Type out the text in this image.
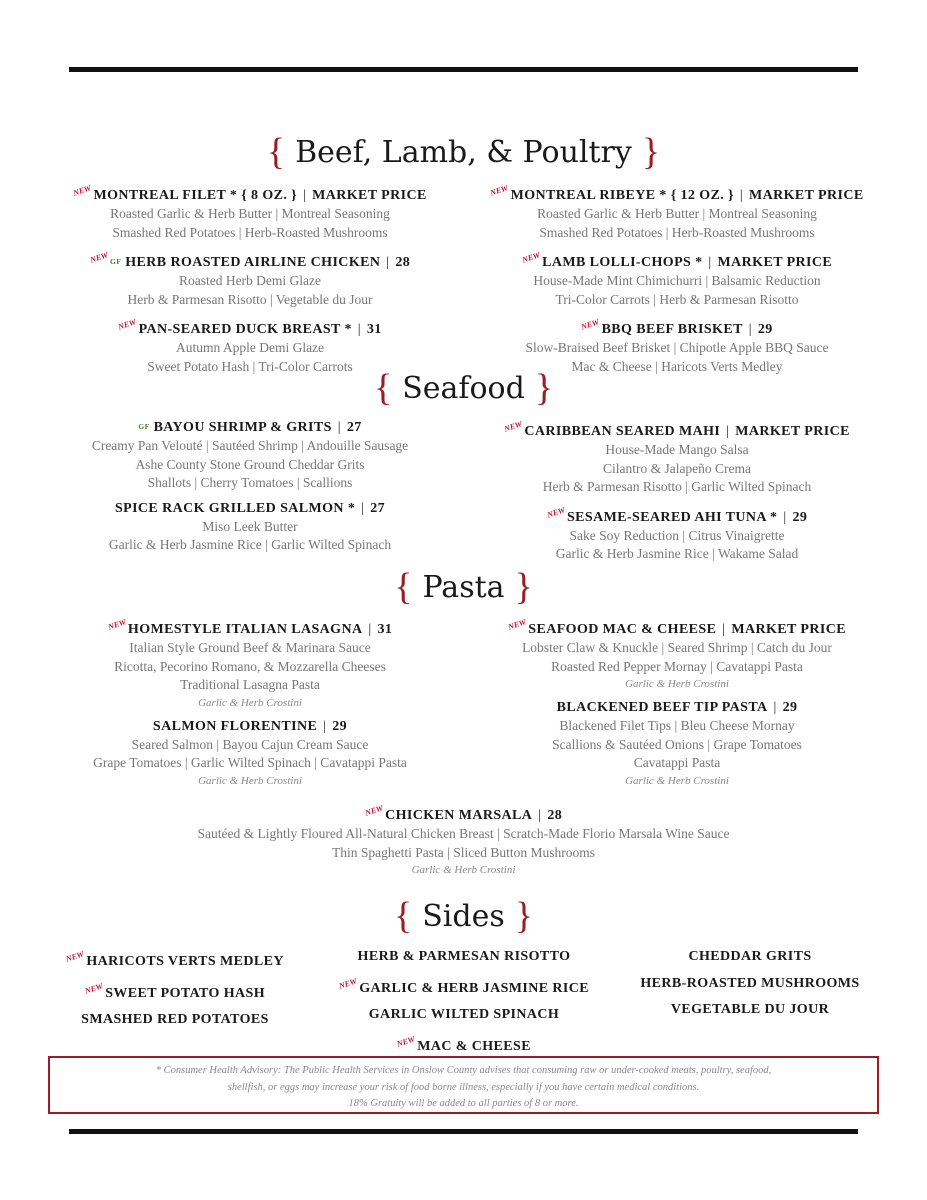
{ Beef, Lamb, & Poultry }
NEWMONTREAL FILET * { 8 OZ. } | MARKET PRICE
Roasted Garlic & Herb Butter | Montreal Seasoning
Smashed Red Potatoes | Herb-Roasted Mushrooms
NEWGF HERB ROASTED AIRLINE CHICKEN | 28
Roasted Herb Demi Glaze
Herb & Parmesan Risotto | Vegetable du Jour
NEWPAN-SEARED DUCK BREAST * | 31
Autumn Apple Demi Glaze
Sweet Potato Hash | Tri-Color Carrots
NEWMONTREAL RIBEYE * { 12 OZ. } | MARKET PRICE
Roasted Garlic & Herb Butter | Montreal Seasoning
Smashed Red Potatoes | Herb-Roasted Mushrooms
NEWLAMB LOLLI-CHOPS * | MARKET PRICE
House-Made Mint Chimichurri | Balsamic Reduction
Tri-Color Carrots | Herb & Parmesan Risotto
NEWBBQ BEEF BRISKET | 29
Slow-Braised Beef Brisket | Chipotle Apple BBQ Sauce
Mac & Cheese | Haricots Verts Medley
{ Seafood }
GF BAYOU SHRIMP & GRITS | 27
Creamy Pan Velouté | Sautéed Shrimp | Andouille Sausage
Ashe County Stone Ground Cheddar Grits
Shallots | Cherry Tomatoes | Scallions
SPICE RACK GRILLED SALMON * | 27
Miso Leek Butter
Garlic & Herb Jasmine Rice | Garlic Wilted Spinach
NEWCARIBBEAN SEARED MAHI | MARKET PRICE
House-Made Mango Salsa
Cilantro & Jalapeño Crema
Herb & Parmesan Risotto | Garlic Wilted Spinach
NEWSESAME-SEARED AHI TUNA * | 29
Sake Soy Reduction | Citrus Vinaigrette
Garlic & Herb Jasmine Rice | Wakame Salad
{ Pasta }
NEWHOMESTYLE ITALIAN LASAGNA | 31
Italian Style Ground Beef & Marinara Sauce
Ricotta, Pecorino Romano, & Mozzarella Cheeses
Traditional Lasagna Pasta
Garlic & Herb Crostini
SALMON FLORENTINE | 29
Seared Salmon | Bayou Cajun Cream Sauce
Grape Tomatoes | Garlic Wilted Spinach | Cavatappi Pasta
Garlic & Herb Crostini
NEWSEAFOOD MAC & CHEESE | MARKET PRICE
Lobster Claw & Knuckle | Seared Shrimp | Catch du Jour
Roasted Red Pepper Mornay | Cavatappi Pasta
Garlic & Herb Crostini
BLACKENED BEEF TIP PASTA | 29
Blackened Filet Tips | Bleu Cheese Mornay
Scallions & Sautéed Onions | Grape Tomatoes
Cavatappi Pasta
Garlic & Herb Crostini
NEWCHICKEN MARSALA | 28
Sautéed & Lightly Floured All-Natural Chicken Breast | Scratch-Made Florio Marsala Wine Sauce
Thin Spaghetti Pasta | Sliced Button Mushrooms
Garlic & Herb Crostini
{ Sides }
NEWHARICOTS VERTS MEDLEY
NEWSWEET POTATO HASH
SMASHED RED POTATOES
HERB & PARMESAN RISOTTO
NEWGARLIC & HERB JASMINE RICE
GARLIC WILTED SPINACH
NEWMAC & CHEESE
CHEDDAR GRITS
HERB-ROASTED MUSHROOMS
VEGETABLE DU JOUR

* Consumer Health Advisory: The Public Health Services in Onslow County advises that consuming raw or under-cooked meats, poultry, seafood,

shellfish, or eggs may increase your risk of food borne illness, especially if you have certain medical conditions.

18% Gratuity will be added to all parties of 8 or more.
